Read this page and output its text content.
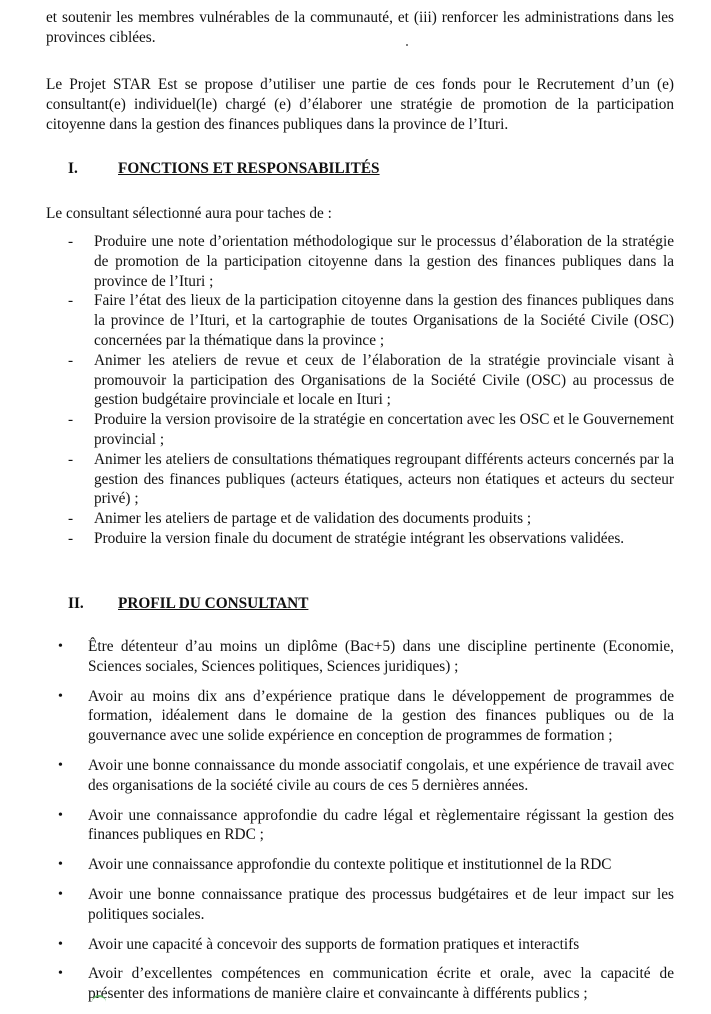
et soutenir les membres vulnérables de la communauté, et (iii) renforcer les administrations dans les provinces ciblées.

Le Projet STAR Est se propose d’utiliser une partie de ces fonds pour le Recrutement d’un (e) consultant(e) individuel(le) chargé (e) d’élaborer une stratégie de promotion de la participation citoyenne dans la gestion des finances publiques dans la province de l’Ituri.

I.	FONCTIONS ET RESPONSABILITÉS

Le consultant sélectionné aura pour taches de :

- Produire une note d’orientation méthodologique sur le processus d’élaboration de la stratégie de promotion de la participation citoyenne dans la gestion des finances publiques dans la province de l’Ituri ;
- Faire l’état des lieux de la participation citoyenne dans la gestion des finances publiques dans la province de l’Ituri, et la cartographie de toutes Organisations de la Société Civile (OSC) concernées par la thématique dans la province ;
- Animer les ateliers de revue et ceux de l’élaboration de la stratégie provinciale visant à promouvoir la participation des Organisations de la Société Civile (OSC) au processus de gestion budgétaire provinciale et locale en Ituri ;
- Produire la version provisoire de la stratégie en concertation avec les OSC et le Gouvernement provincial ;
- Animer les ateliers de consultations thématiques regroupant différents acteurs concernés par la gestion des finances publiques (acteurs étatiques, acteurs non étatiques et acteurs du secteur privé) ;
- Animer les ateliers de partage et de validation des documents produits ;
- Produire la version finale du document de stratégie intégrant les observations validées.
II. PROFIL DU CONSULTANT
• Être détenteur d’au moins un diplôme (Bac+5) dans une discipline pertinente (Economie, Sciences sociales, Sciences politiques, Sciences juridiques) ;
• Avoir au moins dix ans d’expérience pratique dans le développement de programmes de formation, idéalement dans le domaine de la gestion des finances publiques ou de la gouvernance avec une solide expérience en conception de programmes de formation ;
• Avoir une bonne connaissance du monde associatif congolais, et une expérience de travail avec des organisations de la société civile au cours de ces 5 dernières années.
• Avoir une connaissance approfondie du cadre légal et règlementaire régissant la gestion des finances publiques en RDC ;
• Avoir une connaissance approfondie du contexte politique et institutionnel de la RDC
• Avoir une bonne connaissance pratique des processus budgétaires et de leur impact sur les politiques sociales.
• Avoir une capacité à concevoir des supports de formation pratiques et interactifs
• Avoir d’excellentes compétences en communication écrite et orale, avec la capacité de présenter des informations de manière claire et convaincante à différents publics ;
